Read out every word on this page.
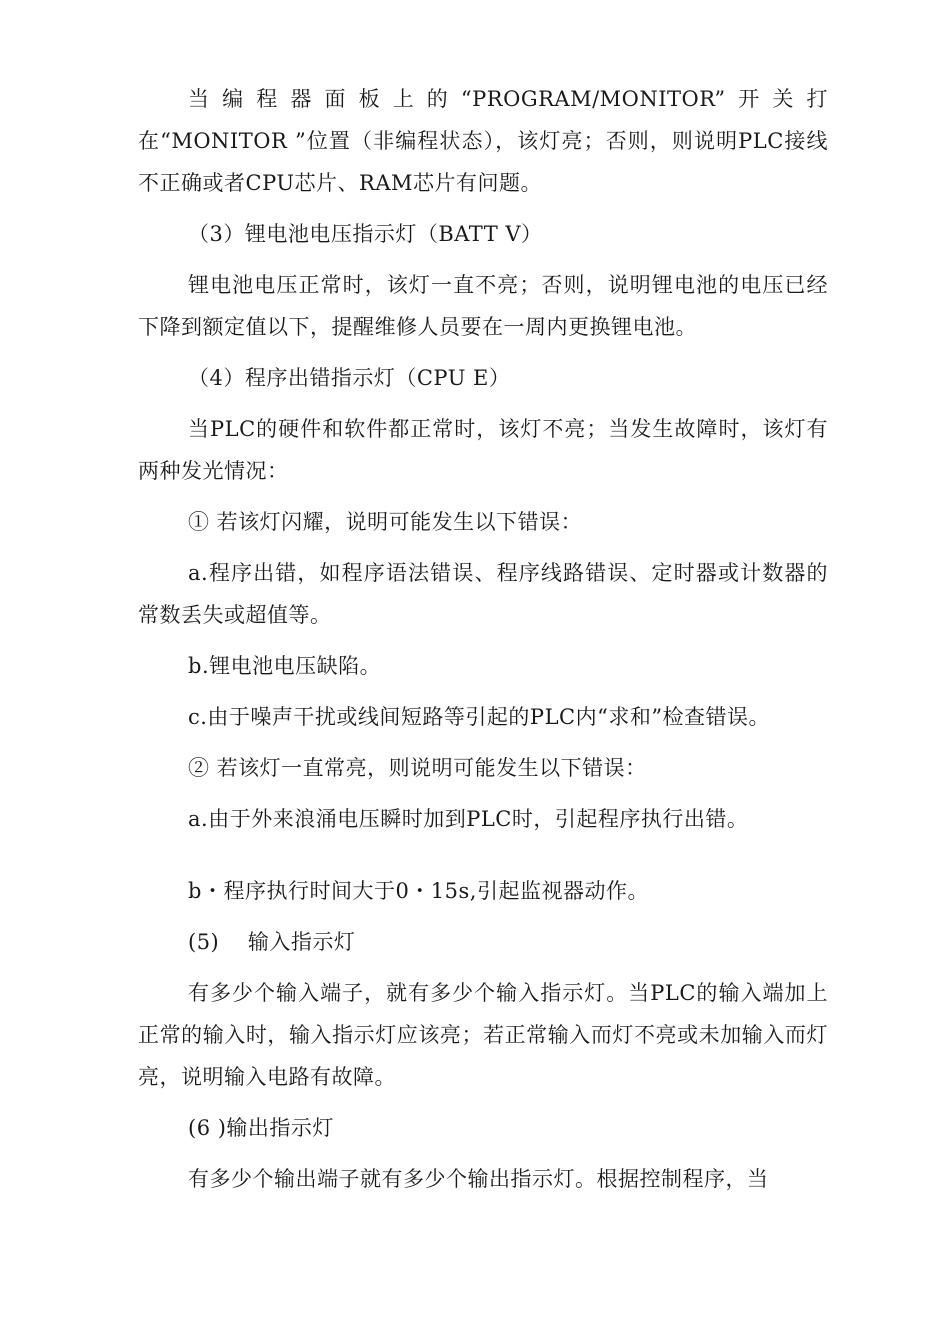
当编程器面板上的“PROGRAM/MONITOR”开关打在“MONITOR ”位置（非编程状态），该灯亮；否则，则说明PLC接线不正确或者CPU芯片、RAM芯片有问题。

（3）锂电池电压指示灯（BATT V）

锂电池电压正常时，该灯一直不亮；否则，说明锂电池的电压已经下降到额定值以下，提醒维修人员要在一周内更换锂电池。

（4）程序出错指示灯（CPU E）

当PLC的硬件和软件都正常时，该灯不亮；当发生故障时，该灯有两种发光情况：

① 若该灯闪耀，说明可能发生以下错误：

a.程序出错，如程序语法错误、程序线路错误、定时器或计数器的常数丢失或超值等。

b.锂电池电压缺陷。

c.由于噪声干扰或线间短路等引起的PLC内“求和”检查错误。

② 若该灯一直常亮，则说明可能发生以下错误：

a.由于外来浪涌电压瞬时加到PLC时，引起程序执行出错。

b・程序执行时间大于0・15s,引起监视器动作。

(5)　 输入指示灯

有多少个输入端子，就有多少个输入指示灯。当PLC的输入端加上正常的输入时，输入指示灯应该亮；若正常输入而灯不亮或未加输入而灯亮，说明输入电路有故障。

(6 )输出指示灯

有多少个输出端子就有多少个输出指示灯。根据控制程序，当
